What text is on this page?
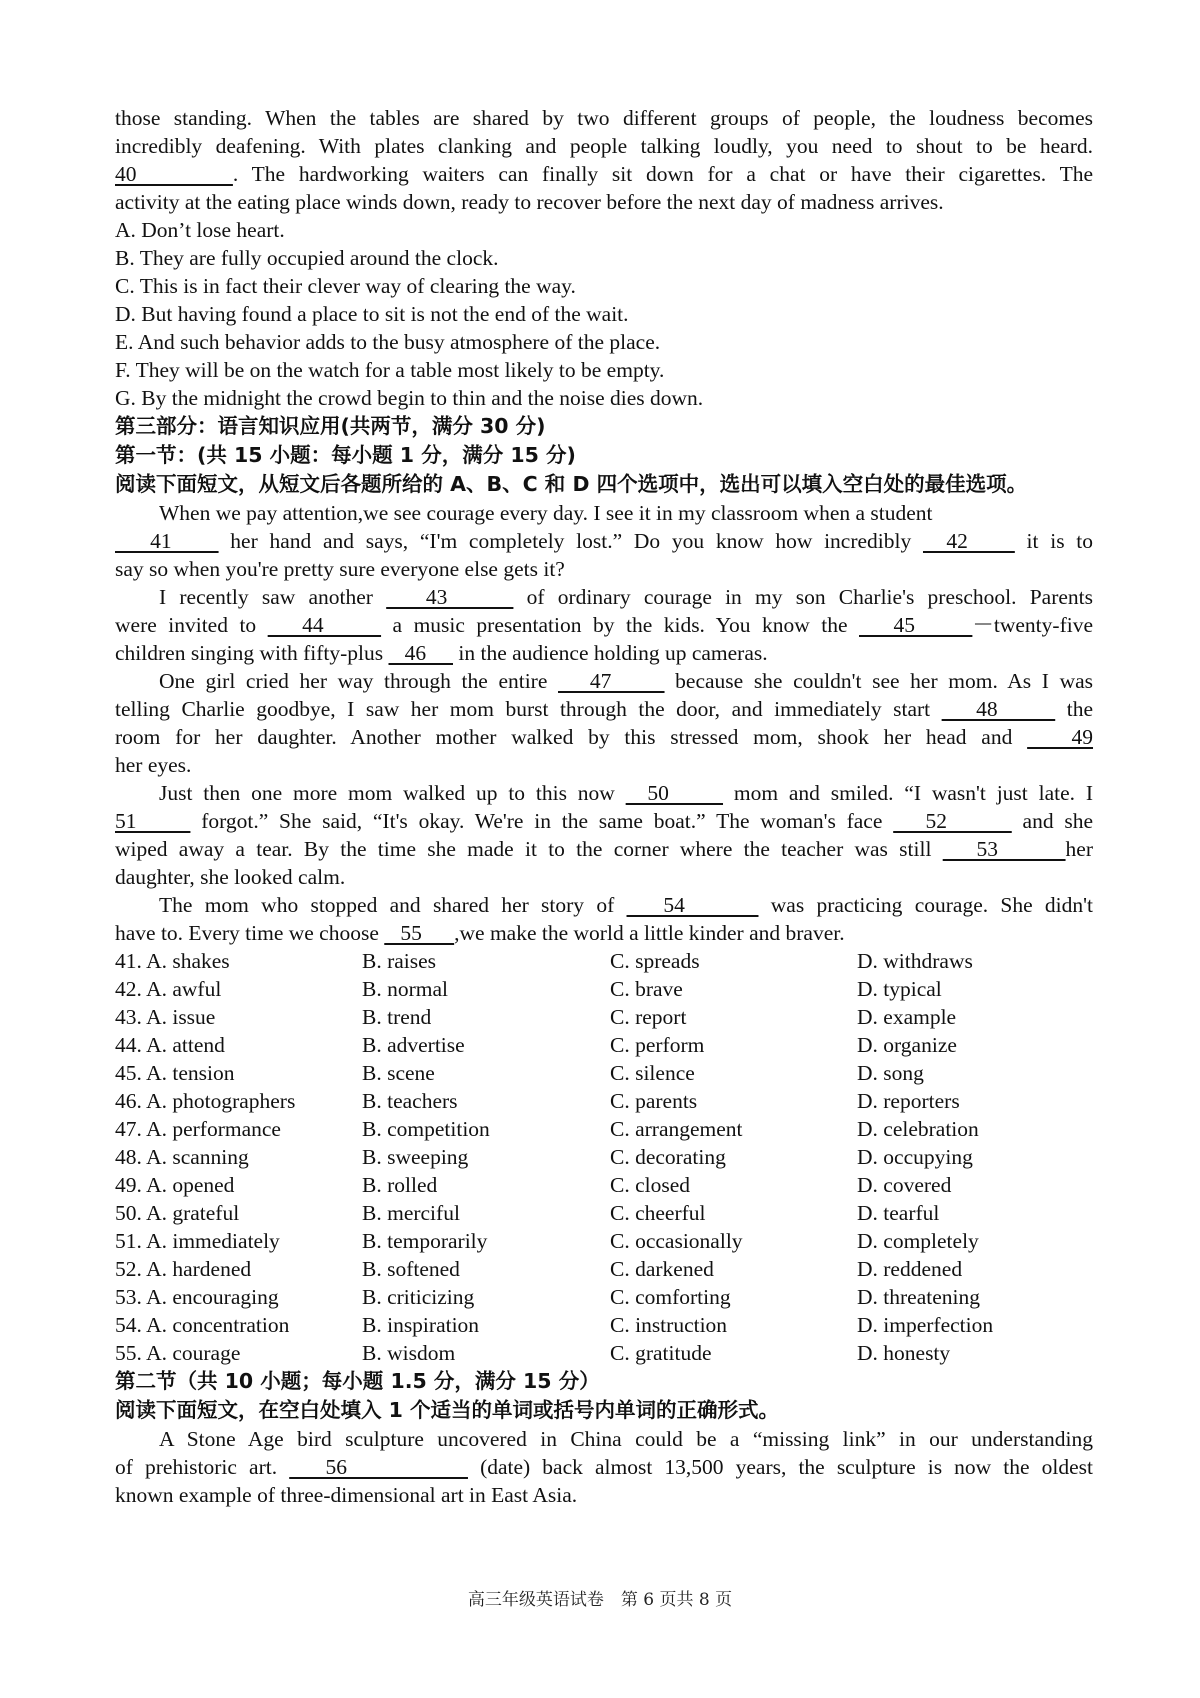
those standing. When the tables are shared by two different groups of people, the loudness becomes

incredibly deafening. With plates clanking and people talking loudly, you need to shout to be heard.

40       . The hardworking waiters can finally sit down for a chat or have their cigarettes. The

activity at the eating place winds down, ready to recover before the next day of madness arrives.

A. Don’t lose heart.

B. They are fully occupied around the clock.

C. This is in fact their clever way of clearing the way.

D. But having found a place to sit is not the end of the wait.

E. And such behavior adds to the busy atmosphere of the place.

F. They will be on the watch for a table most likely to be empty.

G. By the midnight the crowd begin to thin and the noise dies down.

第三部分：语言知识应用(共两节，满分 30 分)

第一节：(共 15 小题：每小题 1 分，满分 15 分)

阅读下面短文，从短文后各题所给的 A、B、C 和 D 四个选项中，选出可以填入空白处的最佳选项。

When we pay attention,we see courage every day. I see it in my classroom when a student

41     her hand and says, “I'm completely lost.” Do you know how incredibly   42     it is to

say so when you're pretty sure everyone else gets it?

I recently saw another    43      of ordinary courage in my son Charlie's preschool. Parents

were invited to    44      a music presentation by the kids. You know the    45     －twenty-five

children singing with fifty-plus    46      in the audience holding up cameras.

One girl cried her way through the entire    47      because she couldn't see her mom. As I was

telling Charlie goodbye, I saw her mom burst through the door, and immediately start    48      the

room for her daughter. Another mother walked by this stressed mom, shook her head and    49

her eyes.

Just then one more mom walked up to this now   50      mom and smiled. “I wasn't just late. I

51      forgot.” She said, “It's okay. We're in the same boat.” The woman's face    52       and she

wiped away a tear. By the time she made it to the corner where the teacher was still    53      her

daughter, she looked calm.

The mom who stopped and shared her story of    54       was practicing courage. She didn't

have to. Every time we choose    55      ,we make the world a little kinder and braver.

41. A. shakes	B. raises	C. spreads	D. withdraws
42. A. awful	B. normal	C. brave	D. typical
43. A. issue	B. trend	C. report	D. example
44. A. attend	B. advertise	C. perform	D. organize
45. A. tension	B. scene	C. silence	D. song
46. A. photographers	B. teachers	C. parents	D. reporters
47. A. performance	B. competition	C. arrangement	D. celebration
48. A. scanning	B. sweeping	C. decorating	D. occupying
49. A. opened	B. rolled	C. closed	D. covered
50. A. grateful	B. merciful	C. cheerful	D. tearful
51. A. immediately	B. temporarily	C. occasionally	D. completely
52. A. hardened	B. softened	C. darkened	D. reddened
53. A. encouraging	B. criticizing	C. comforting	D. threatening
54. A. concentration	B. inspiration	C. instruction	D. imperfection
55. A. courage	B. wisdom	C. gratitude	D. honesty

第二节（共 10 小题；每小题 1.5 分，满分 15 分）

阅读下面短文，在空白处填入 1 个适当的单词或括号内单词的正确形式。

A Stone Age bird sculpture uncovered in China could be a “missing link” in our understanding

of prehistoric art.    56           (date) back almost 13,500 years, the sculpture is now the oldest

known example of three-dimensional art in East Asia.

高三年级英语试卷　第 6 页共 8 页
